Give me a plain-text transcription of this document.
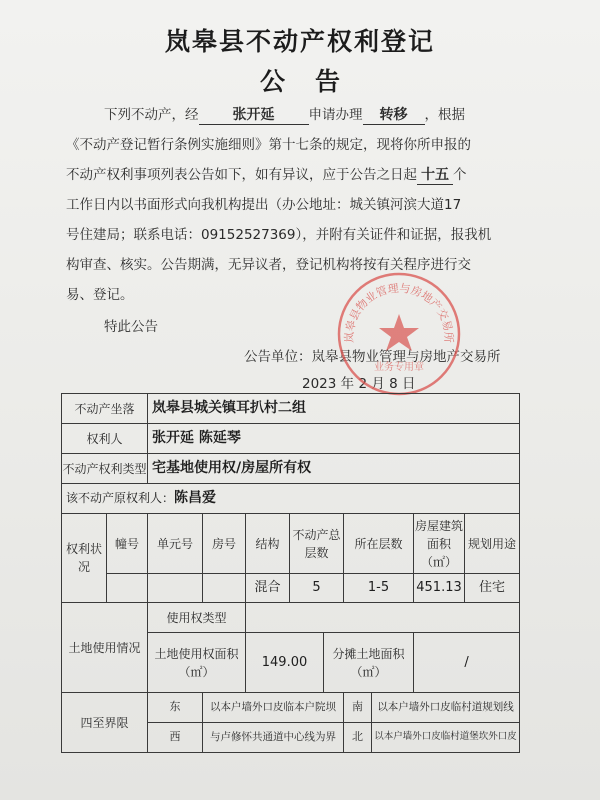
岚皋县不动产权利登记
公告
下列不动产，经 张开延	申请办理 转移 ，根据
《不动产登记暂行条例实施细则》第十七条的规定，现将你所申报的
不动产权利事项列表公告如下，如有异议，应于公告之日起 十五 个
工作日内以书面形式向我机构提出（办公地址：城关镇河滨大道17
号住建局；联系电话：09152527369），并附有关证件和证据，报我机
构审查、核实。公告期满，无异议者，登记机构将按有关程序进行交
易、登记。
特此公告
公告单位：岚皋县物业管理与房地产交易所
2023 年 2 月 8 日
岚皋县物业管理与房地产交易所
业务专用章
不动产坐落		岚皋县城关镇耳扒村二组								
权利人		张开延 陈延琴								
不动产权利类型		宅基地使用权/房屋所有权								
该不动产原权利人：陈昌爱										
权利状况	幢号	单元号	房号	结构	不动产总层数		所在层数		房屋建筑面积（㎡）	规划用途
				混合	5		1-5		451.13	住宅
土地使用情况		使用权类型								
		土地使用权面积（㎡）		149.00		分摊土地面积（㎡）			/	
四至界限		东	以本户墙外口皮临本户院坝				南	以本户墙外口皮临村道规划线		
		西	与卢修怀共通道中心线为界				北	以本户墙外口皮临村道堡坎外口皮		
